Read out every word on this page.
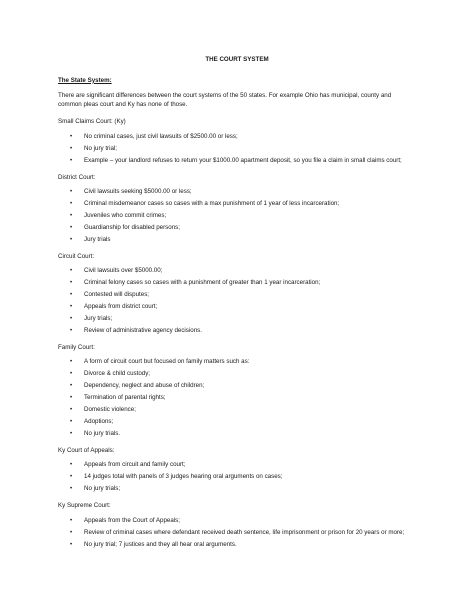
THE COURT SYSTEM
The State System:
There are significant differences between the court systems of the 50 states. For example Ohio has municipal, county and common pleas court and Ky has none of those.
Small Claims Court: (Ky)
• No criminal cases, just civil lawsuits of $2500.00 or less;
• No jury trial;
• Example – your landlord refuses to return your $1000.00 apartment deposit, so you file a claim in small claims court;
District Court:
• Civil lawsuits seeking $5000.00 or less;
• Criminal misdemeanor cases so cases with a max punishment of 1 year of less incarceration;
• Juveniles who commit crimes;
• Guardianship for disabled persons;
• Jury trials
Circuit Court:
• Civil lawsuits over $5000.00;
• Criminal felony cases so cases with a punishment of greater than 1 year incarceration;
• Contested will disputes;
• Appeals from district court;
• Jury trials;
• Review of administrative agency decisions.
Family Court:
• A form of circuit court but focused on family matters such as:
• Divorce & child custody;
• Dependency, neglect and abuse of children;
• Termination of parental rights;
• Domestic violence;
• Adoptions;
• No jury trials.
Ky Court of Appeals:
• Appeals from circuit and family court;
• 14 judges total with panels of 3 judges hearing oral arguments on cases;
• No jury trials;
Ky Supreme Court:
• Appeals from the Court of Appeals;
• Review of criminal cases where defendant received death sentence, life imprisonment or prison for 20 years or more;
• No jury trial; 7 justices and they all hear oral arguments.
